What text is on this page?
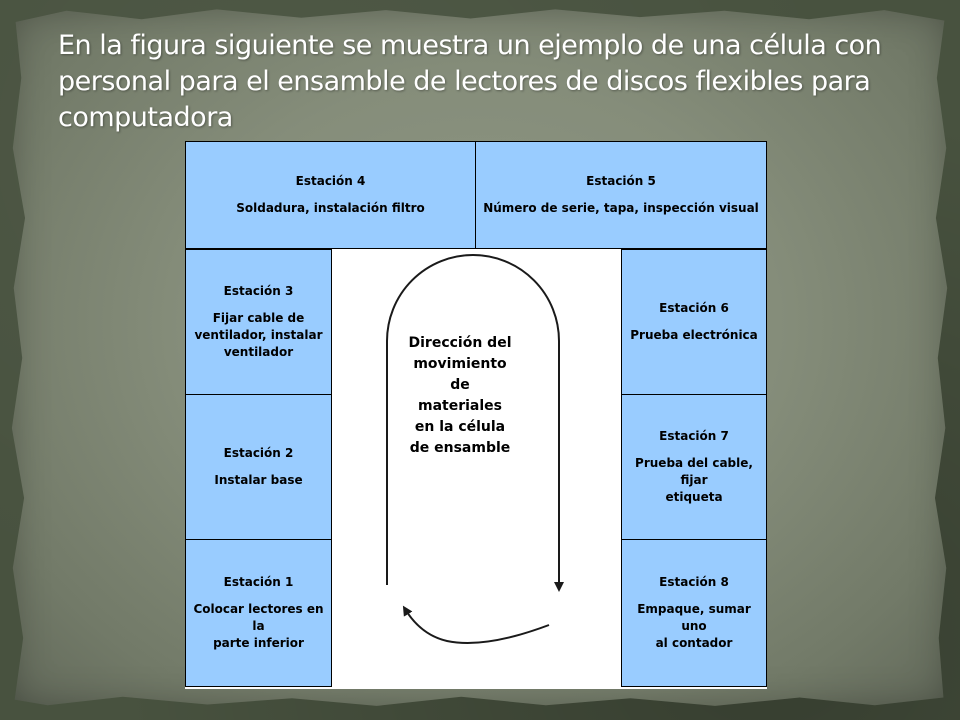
En la figura siguiente se muestra un ejemplo de una célula con personal para el ensamble de lectores de discos flexibles para computadora
Estación 4
Soldadura, instalación filtro
Estación 5
Número de serie, tapa, inspección visual
Estación 3
Fijar cable de
ventilador, instalar
ventilador
Estación 2
Instalar base
Estación 1
Colocar lectores en la
parte inferior
Estación 6
Prueba electrónica
Estación 7
Prueba del cable, fijar
etiqueta
Estación 8
Empaque, sumar uno
al contador
Dirección del
movimiento
de
materiales
en la célula
de ensamble
